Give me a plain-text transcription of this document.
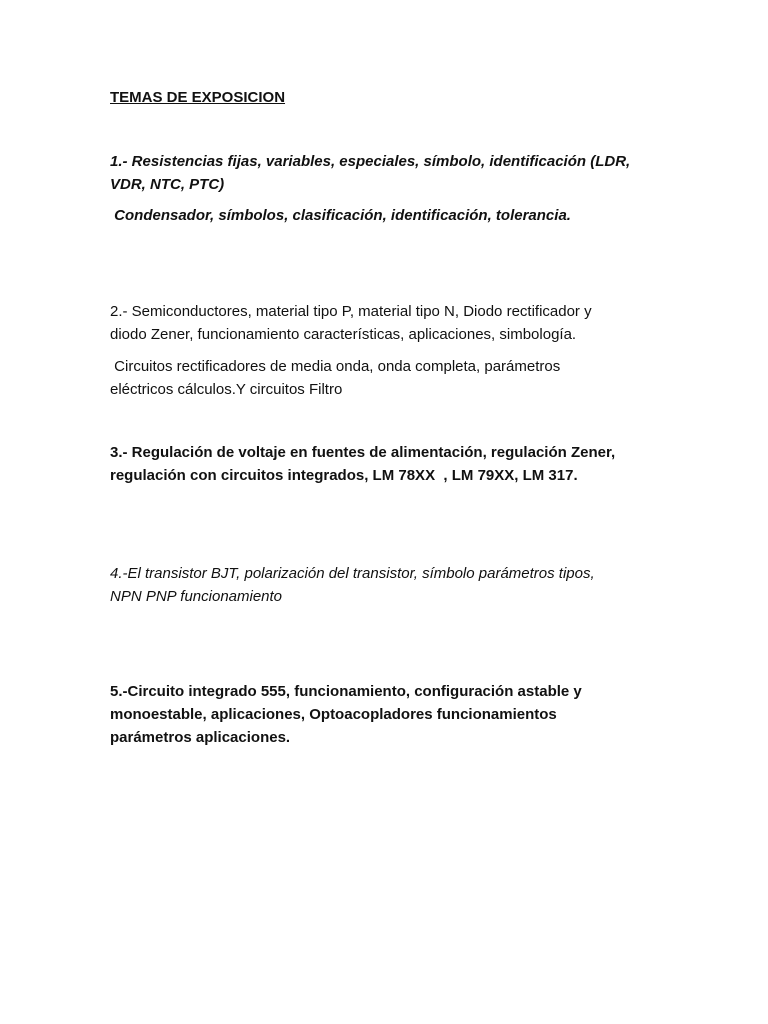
TEMAS DE EXPOSICION
1.- Resistencias fijas, variables, especiales, símbolo, identificación (LDR,
VDR, NTC, PTC)
Condensador, símbolos, clasificación, identificación, tolerancia.
2.- Semiconductores, material tipo P, material tipo N, Diodo rectificador y
diodo Zener, funcionamiento características, aplicaciones, simbología.
Circuitos rectificadores de media onda, onda completa, parámetros
eléctricos cálculos.Y circuitos Filtro
3.- Regulación de voltaje en fuentes de alimentación, regulación Zener,
regulación con circuitos integrados, LM 78XX  , LM 79XX, LM 317.
4.-El transistor BJT, polarización del transistor, símbolo parámetros tipos,
NPN PNP funcionamiento
5.-Circuito integrado 555, funcionamiento, configuración astable y
monoestable, aplicaciones, Optoacopladores funcionamientos
parámetros aplicaciones.
